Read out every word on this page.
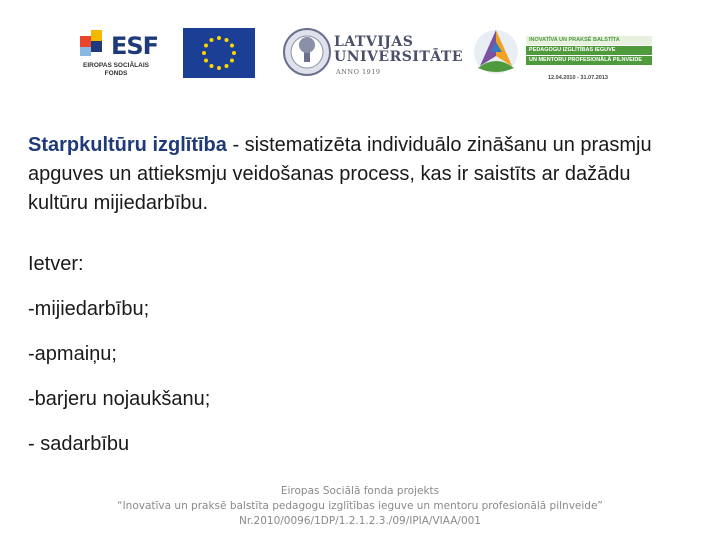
ESF
EIROPAS SOCIĀLAIS FONDS
LATVIJAS
UNIVERSITĀTE
ANNO 1919
INOVATĪVA UN PRAKSĒ BALSTĪTA
PEDAGOGU IZGLĪTĪBAS IEGUVE
UN MENTORU PROFESIONĀLĀ PILNVEIDE
12.04.2010 - 31.07.2013

Starpkultūru izglītība - sistematizēta individuālo zināšanu un prasmju apguves un attieksmju veidošanas process, kas ir saistīts ar dažādu kultūru mijiedarbību.

Ietver:

-mijiedarbību;

-apmaiņu;

-barjeru nojaukšanu;

- sadarbību

Eiropas Sociālā fonda projekts
“Inovatīva un praksē balstīta pedagogu izglītības ieguve un mentoru profesionālā pilnveide”
Nr.2010/0096/1DP/1.2.1.2.3./09/IPIA/VIAA/001
